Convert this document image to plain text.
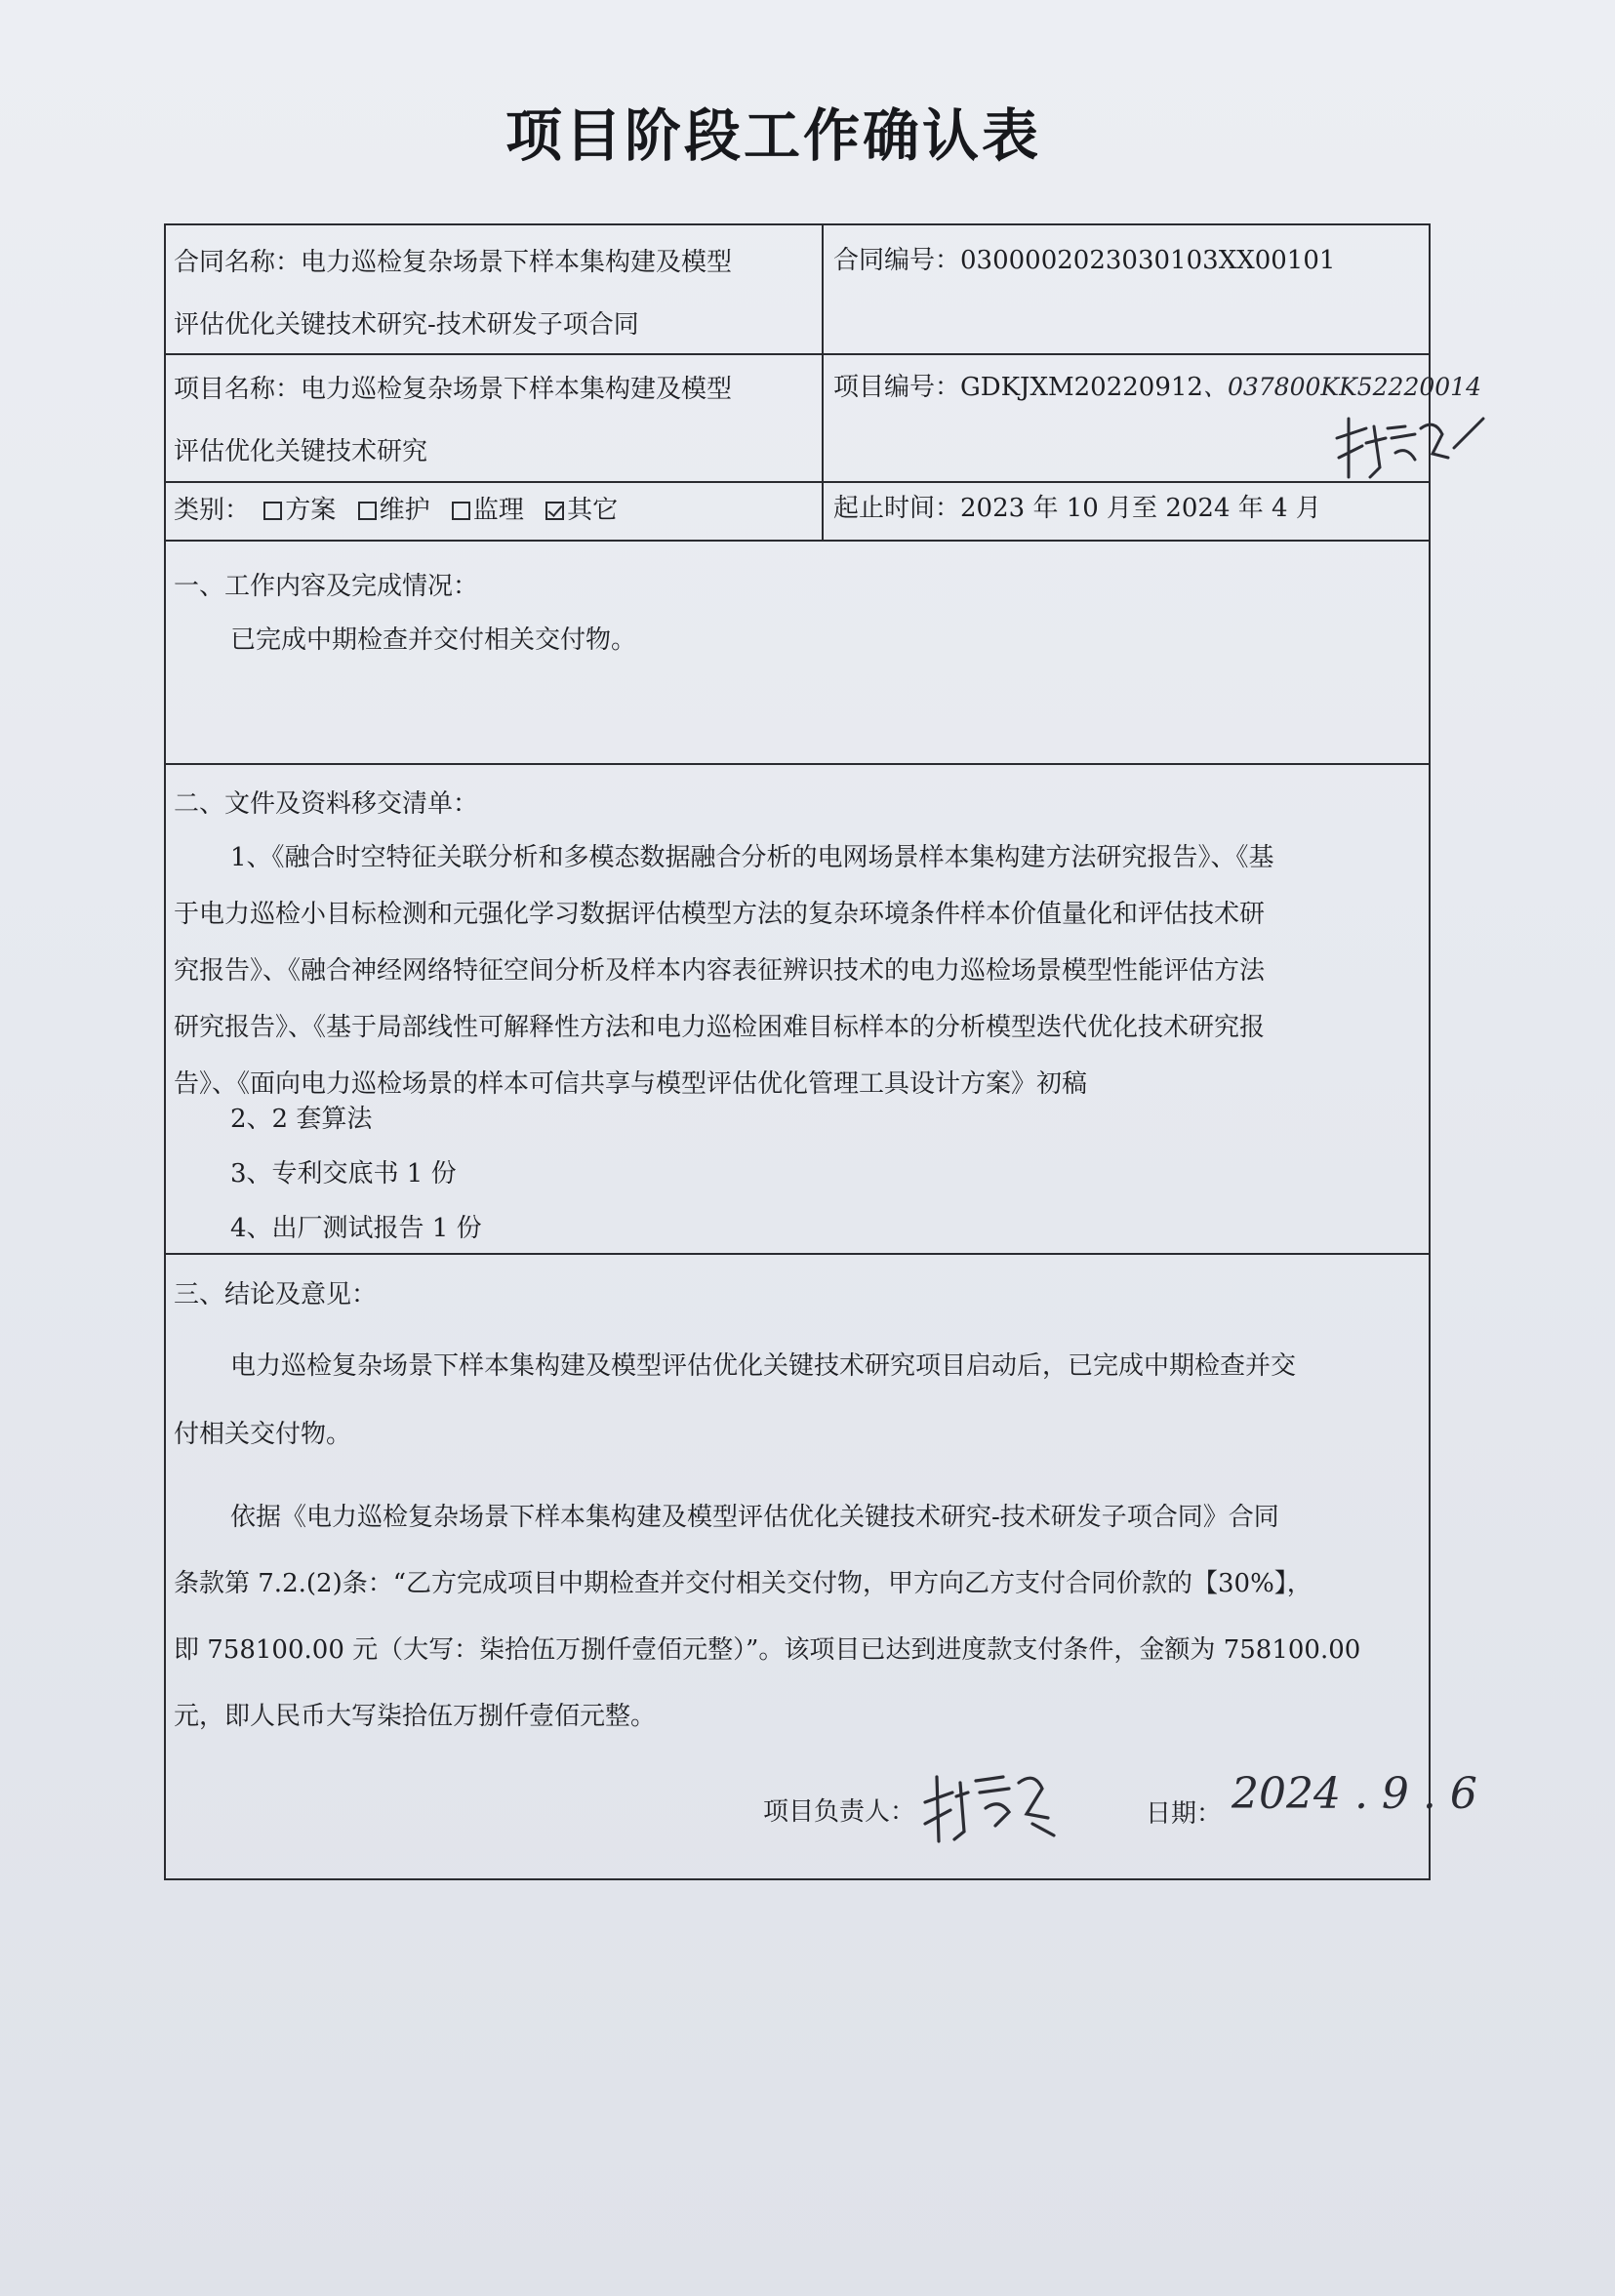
项目阶段工作确认表
合同名称：电力巡检复杂场景下样本集构建及模型
评估优化关键技术研究-技术研发子项合同
合同编号：0300002023030103XX00101
项目名称：电力巡检复杂场景下样本集构建及模型
评估优化关键技术研究
项目编号：GDKJXM20220912、037800KK52220014
类别： 方案 维护 监理 其它	起止时间：2023 年 10 月至 2024 年 4 月
一、工作内容及完成情况：
已完成中期检查并交付相关交付物。
二、文件及资料移交清单：
1、《融合时空特征关联分析和多模态数据融合分析的电网场景样本集构建方法研究报告》、《基
于电力巡检小目标检测和元强化学习数据评估模型方法的复杂环境条件样本价值量化和评估技术研
究报告》、《融合神经网络特征空间分析及样本内容表征辨识技术的电力巡检场景模型性能评估方法
研究报告》、《基于局部线性可解释性方法和电力巡检困难目标样本的分析模型迭代优化技术研究报
告》、《面向电力巡检场景的样本可信共享与模型评估优化管理工具设计方案》初稿
2、2 套算法
3、专利交底书 1 份
4、出厂测试报告 1 份
三、结论及意见：
电力巡检复杂场景下样本集构建及模型评估优化关键技术研究项目启动后，已完成中期检查并交
付相关交付物。
依据《电力巡检复杂场景下样本集构建及模型评估优化关键技术研究-技术研发子项合同》合同
条款第 7.2.(2)条：“乙方完成项目中期检查并交付相关交付物，甲方向乙方支付合同价款的【30%】，
即 758100.00 元（大写：柒拾伍万捌仟壹佰元整）”。该项目已达到进度款支付条件，金额为 758100.00
元，即人民币大写柒拾伍万捌仟壹佰元整。
项目负责人：	日期： 2024 . 9 . 6
